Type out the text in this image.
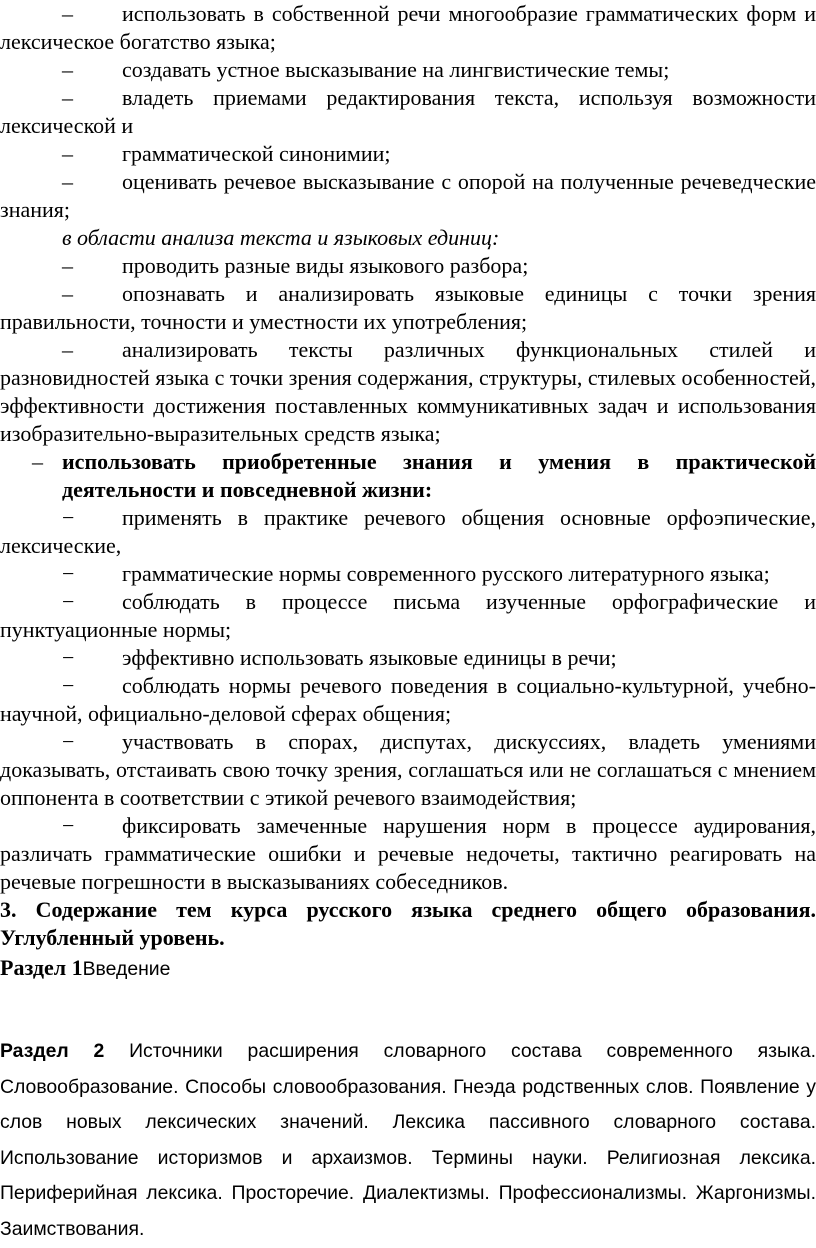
– использовать в собственной речи многообразие грамматических форм и лексическое богатство языка;

– создавать устное высказывание на лингвистические темы;

– владеть приемами редактирования текста, используя возможности лексической и

– грамматической синонимии;

– оценивать речевое высказывание с опорой на полученные речеведческие знания;

в области анализа текста и языковых единиц:

– проводить разные виды языкового разбора;

– опознавать и анализировать языковые единицы с точки зрения правильности, точности и уместности их употребления;

– анализировать тексты различных функциональных стилей и разновидностей языка с точки зрения содержания, структуры, стилевых особенностей, эффективности достижения поставленных коммуникативных задач и использования изобразительно-выразительных средств языка;

– использовать приобретенные знания и умения в практической деятельности и повседневной жизни:

− применять в практике речевого общения основные орфоэпические, лексические,

− грамматические нормы современного русского литературного языка;

− соблюдать в процессе письма изученные орфографические и пунктуационные нормы;

− эффективно использовать языковые единицы в речи;

− соблюдать нормы речевого поведения в социально-культурной, учебно-научной, официально-деловой сферах общения;

− участвовать в спорах, диспутах, дискуссиях, владеть умениями доказывать, отстаивать свою точку зрения, соглашаться или не соглашаться с мнением оппонента в соответствии с этикой речевого взаимодействия;

− фиксировать замеченные нарушения норм в процессе аудирования, различать грамматические ошибки и речевые недочеты, тактично реагировать на речевые погрешности в высказываниях собеседников.

3. Содержание тем курса русского языка среднего общего образования. Углубленный уровень.

Раздел 1Введение

Раздел 2 Источники расширения словарного состава современного языка. Словообразование. Способы словообразования. Гнеэда родственных слов. Появление у слов новых лексических значений. Лексика пассивного словарного состава. Использование историзмов и архаизмов. Термины науки. Религиозная лексика. Периферийная лексика. Просторечие. Диалектизмы. Профессионализмы. Жаргонизмы. Заимствования.
